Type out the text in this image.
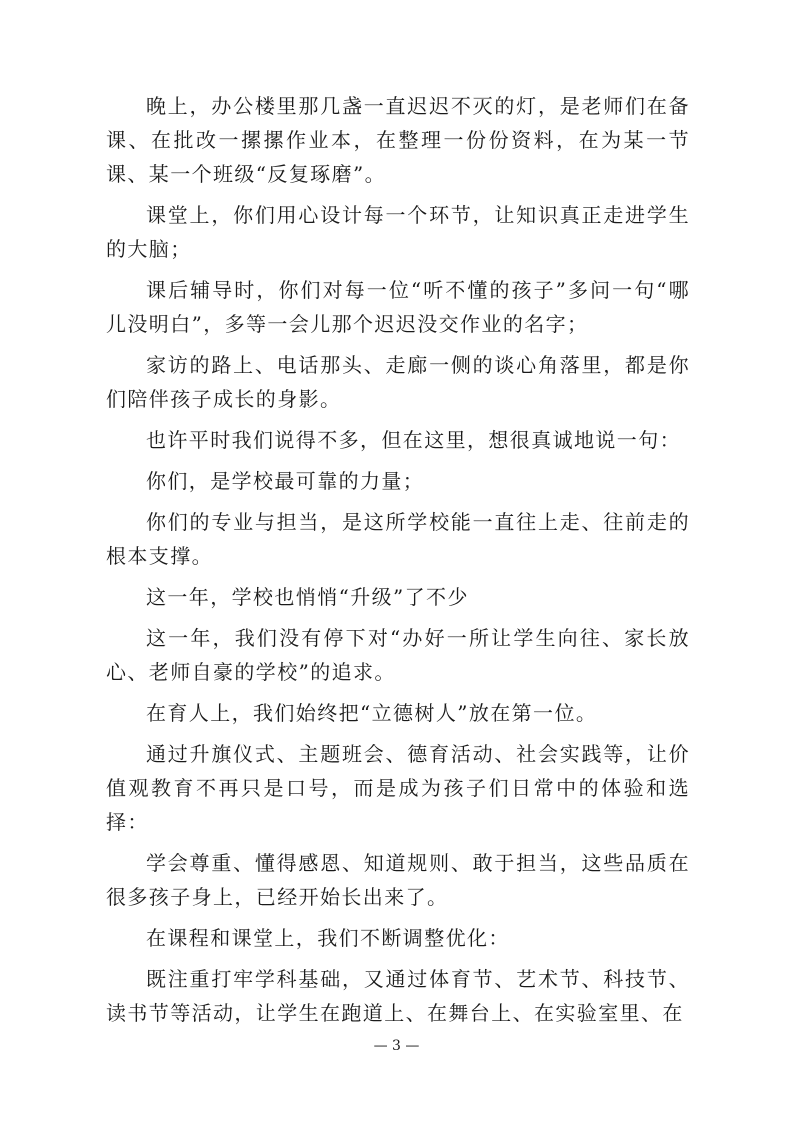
晚上，办公楼里那几盏一直迟迟不灭的灯，是老师们在备课、在批改一摞摞作业本，在整理一份份资料，在为某一节课、某一个班级“反复琢磨”。

课堂上，你们用心设计每一个环节，让知识真正走进学生的大脑；

课后辅导时，你们对每一位“听不懂的孩子”多问一句“哪儿没明白”，多等一会儿那个迟迟没交作业的名字；

家访的路上、电话那头、走廊一侧的谈心角落里，都是你们陪伴孩子成长的身影。

也许平时我们说得不多，但在这里，想很真诚地说一句：

你们，是学校最可靠的力量；

你们的专业与担当，是这所学校能一直往上走、往前走的根本支撑。

这一年，学校也悄悄“升级”了不少

这一年，我们没有停下对“办好一所让学生向往、家长放心、老师自豪的学校”的追求。

在育人上，我们始终把“立德树人”放在第一位。

通过升旗仪式、主题班会、德育活动、社会实践等，让价值观教育不再只是口号，而是成为孩子们日常中的体验和选择：

学会尊重、懂得感恩、知道规则、敢于担当，这些品质在很多孩子身上，已经开始长出来了。

在课程和课堂上，我们不断调整优化：

既注重打牢学科基础，又通过体育节、艺术节、科技节、读书节等活动，让学生在跑道上、在舞台上、在实验室里、在

— 3 —
